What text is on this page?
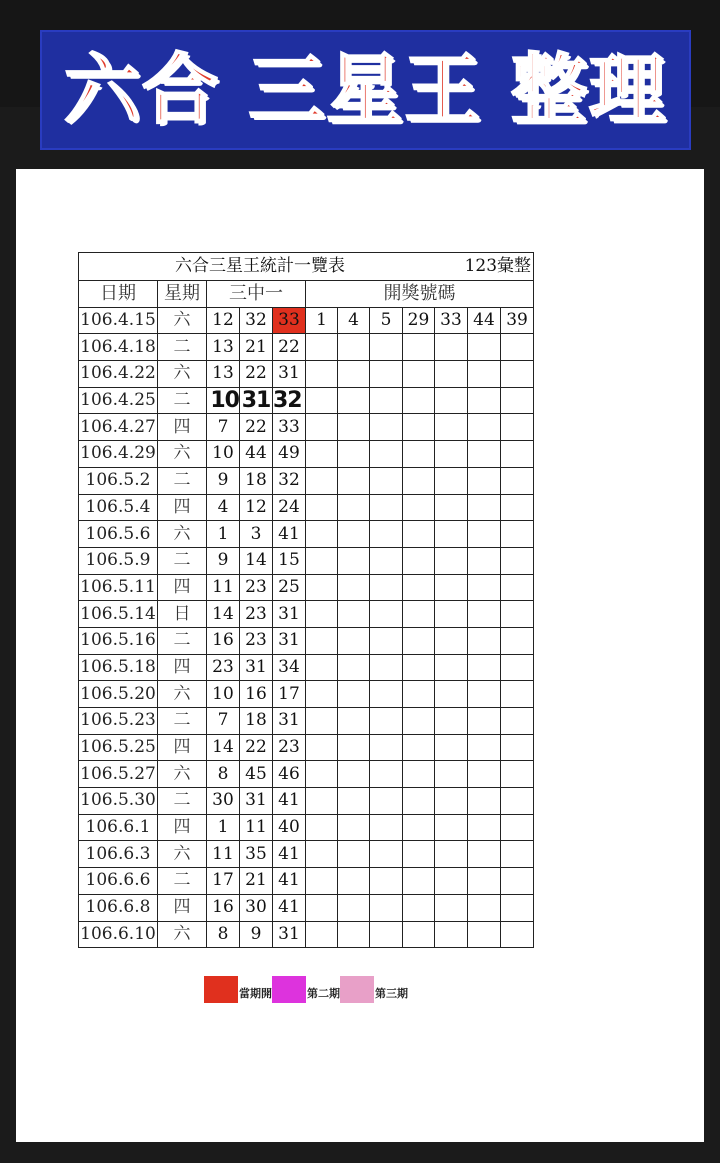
六合 三星王 整理
六合三星王統計一覽表 123彙整											

日期	星期	三中一			開獎號碼						
106.4.15	六	12	32	33	1	4	5	29	33	44	39
106.4.18	二	13	21	22							
106.4.22	六	13	22	31							
106.4.25	二	10	31	32							
106.4.27	四	7	22	33							
106.4.29	六	10	44	49							
106.5.2	二	9	18	32							
106.5.4	四	4	12	24							
106.5.6	六	1	3	41							
106.5.9	二	9	14	15							
106.5.11	四	11	23	25							
106.5.14	日	14	23	31							
106.5.16	二	16	23	31							
106.5.18	四	23	31	34							
106.5.20	六	10	16	17							
106.5.23	二	7	18	31							
106.5.25	四	14	22	23							
106.5.27	六	8	45	46							
106.5.30	二	30	31	41							
106.6.1	四	1	11	40							
106.6.3	六	11	35	41							
106.6.6	二	17	21	41							
106.6.8	四	16	30	41							
106.6.10	六	8	9	31							
當期開	第二期	第三期
